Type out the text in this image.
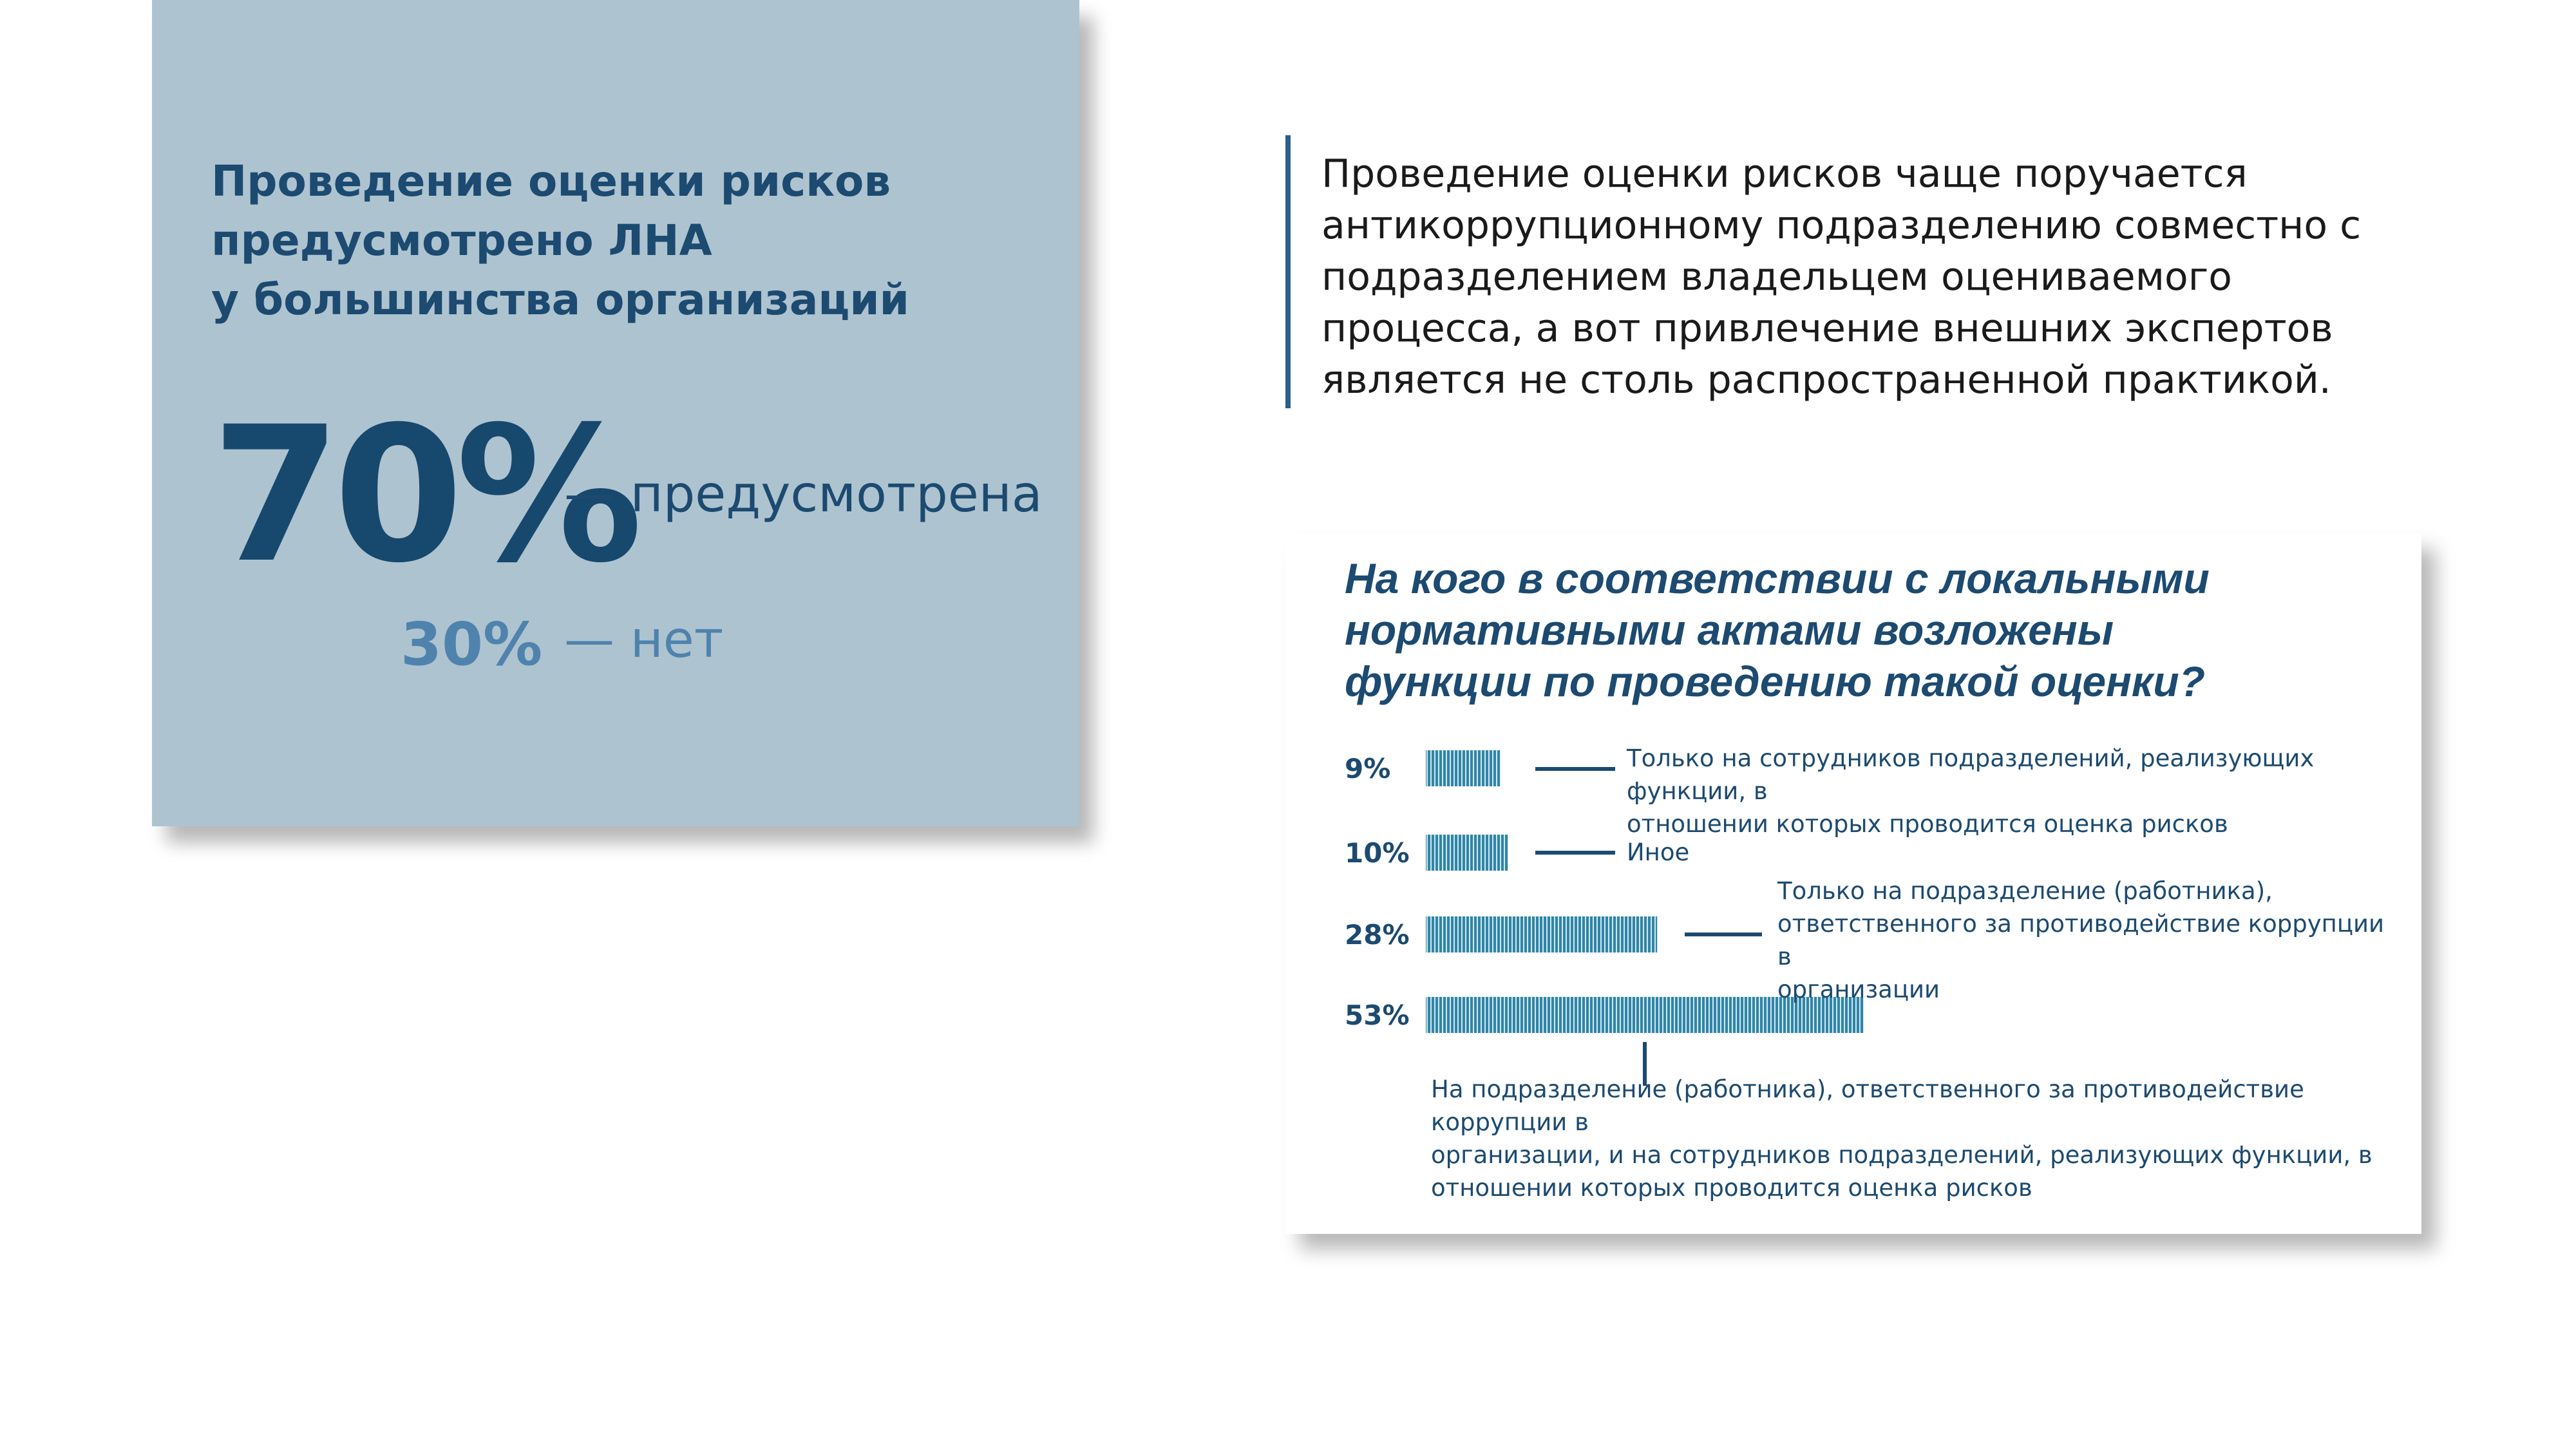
Проведение оценки рисков
предусмотрено ЛНА
у большинства организаций
70%
— предусмотрена
30% — нет
Проведение оценки рисков чаще поручается антикоррупционному подразделению совместно с подразделением владельцем оцениваемого процесса, а вот привлечение внешних экспертов является не столь распространенной практикой.
На кого в соответствии с локальными
нормативными актами возложены
функции по проведению такой оценки?
9%
10%
28%
53%
Только на сотрудников подразделений, реализующих функции, в
отношении которых проводится оценка рисков
Иное
Только на подразделение (работника),
ответственного за противодействие коррупции в
организации
На подразделение (работника), ответственного за противодействие коррупции в
организации, и на сотрудников подразделений, реализующих функции, в
отношении которых проводится оценка рисков
